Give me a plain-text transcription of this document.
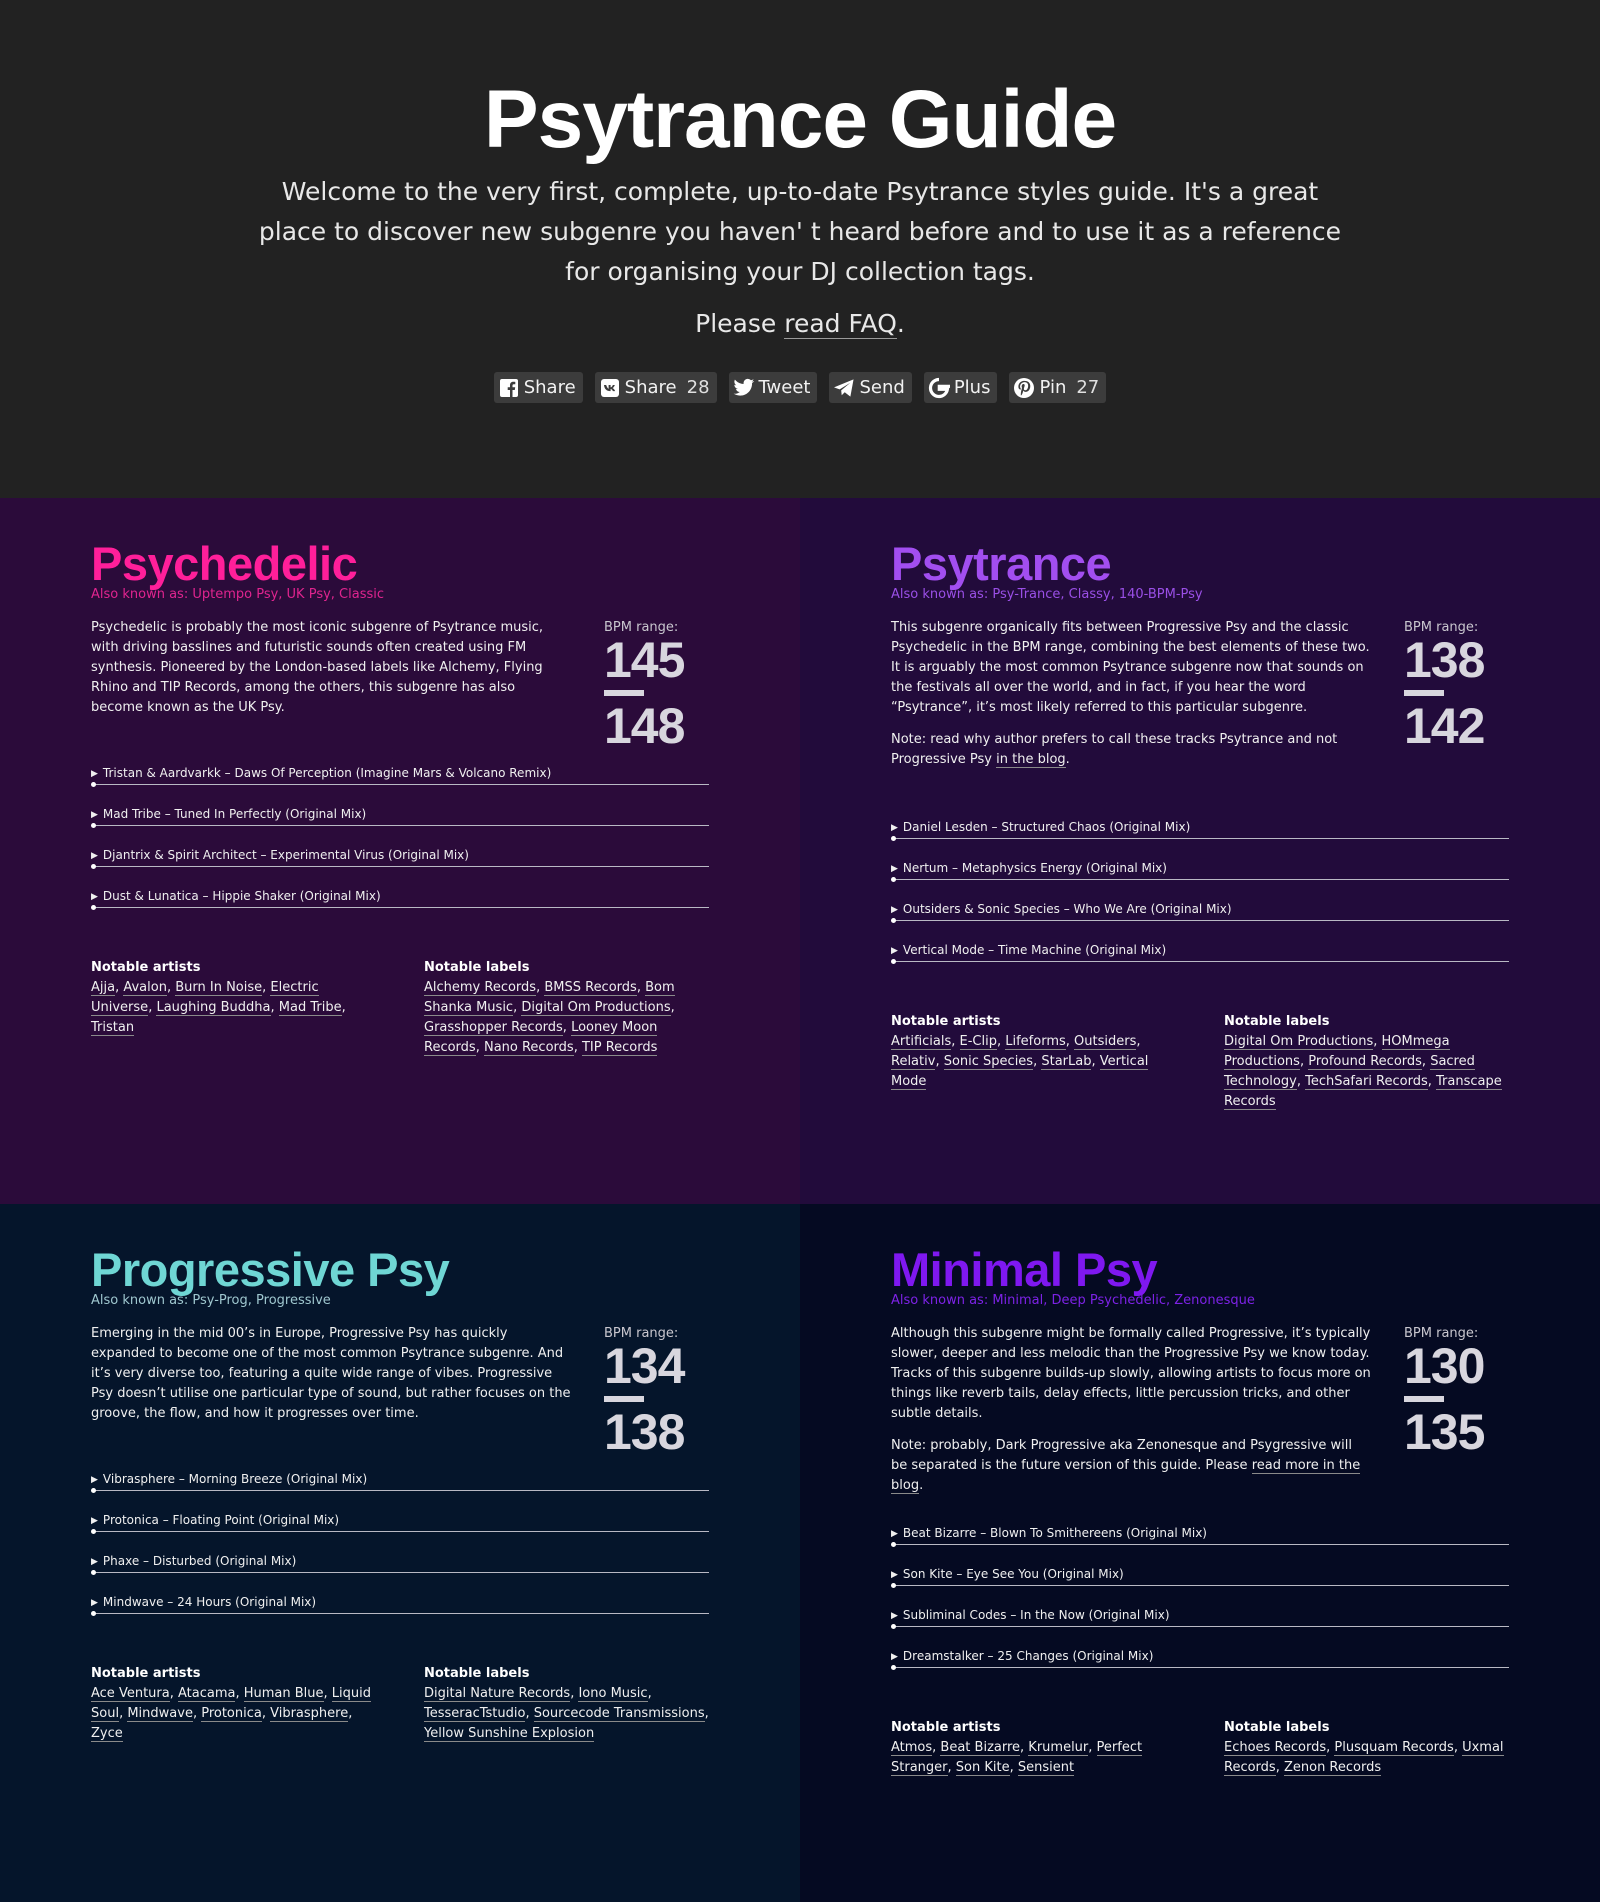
Psytrance Guide

Welcome to the very first, complete, up-to-date Psytrance styles guide. It's a great place to discover new subgenre you haven' t heard before and to use it as a reference for organising your DJ collection tags.

Please read FAQ.

Share	Share 28	Tweet	Send	Plus	Pin 27
Psychedelic
Also known as: Uptempo Psy, UK Psy, Classic

Psychedelic is probably the most iconic subgenre of Psytrance music, with driving basslines and futuristic sounds often created using FM synthesis. Pioneered by the London-based labels like Alchemy, Flying Rhino and TIP Records, among the others, this subgenre has also become known as the UK Psy.

BPM range:
145
148
▶ Tristan & Aardvarkk – Daws Of Perception (Imagine Mars & Volcano Remix)
▶ Mad Tribe – Tuned In Perfectly (Original Mix)
▶ Djantrix & Spirit Architect – Experimental Virus (Original Mix)
▶ Dust & Lunatica – Hippie Shaker (Original Mix)
Notable artists
Ajja, Avalon, Burn In Noise, Electric Universe, Laughing Buddha, Mad Tribe, Tristan
Notable labels
Alchemy Records, BMSS Records, Bom Shanka Music, Digital Om Productions, Grasshopper Records, Looney Moon Records, Nano Records, TIP Records
Psytrance
Also known as: Psy-Trance, Classy, 140-BPM-Psy

This subgenre organically fits between Progressive Psy and the classic Psychedelic in the BPM range, combining the best elements of these two. It is arguably the most common Psytrance subgenre now that sounds on the festivals all over the world, and in fact, if you hear the word “Psytrance”, it’s most likely referred to this particular subgenre.

Note: read why author prefers to call these tracks Psytrance and not Progressive Psy in the blog.

BPM range:
138
142
▶ Daniel Lesden – Structured Chaos (Original Mix)
▶ Nertum – Metaphysics Energy (Original Mix)
▶ Outsiders & Sonic Species – Who We Are (Original Mix)
▶ Vertical Mode – Time Machine (Original Mix)
Notable artists
Artificials, E-Clip, Lifeforms, Outsiders, Relativ, Sonic Species, StarLab, Vertical Mode
Notable labels
Digital Om Productions, HOMmega Productions, Profound Records, Sacred Technology, TechSafari Records, Transcape Records
Progressive Psy
Also known as: Psy-Prog, Progressive

Emerging in the mid 00’s in Europe, Progressive Psy has quickly expanded to become one of the most common Psytrance subgenre. And it’s very diverse too, featuring a quite wide range of vibes. Progressive Psy doesn’t utilise one particular type of sound, but rather focuses on the groove, the flow, and how it progresses over time.

BPM range:
134
138
▶ Vibrasphere – Morning Breeze (Original Mix)
▶ Protonica – Floating Point (Original Mix)
▶ Phaxe – Disturbed (Original Mix)
▶ Mindwave – 24 Hours (Original Mix)
Notable artists
Ace Ventura, Atacama, Human Blue, Liquid Soul, Mindwave, Protonica, Vibrasphere, Zyce
Notable labels
Digital Nature Records, Iono Music, TesseracTstudio, Sourcecode Transmissions, Yellow Sunshine Explosion
Minimal Psy
Also known as: Minimal, Deep Psychedelic, Zenonesque

Although this subgenre might be formally called Progressive, it’s typically slower, deeper and less melodic than the Progressive Psy we know today. Tracks of this subgenre builds-up slowly, allowing artists to focus more on things like reverb tails, delay effects, little percussion tricks, and other subtle details.

Note: probably, Dark Progressive aka Zenonesque and Psygressive will be separated is the future version of this guide. Please read more in the blog.

BPM range:
130
135
▶ Beat Bizarre – Blown To Smithereens (Original Mix)
▶ Son Kite – Eye See You (Original Mix)
▶ Subliminal Codes – In the Now (Original Mix)
▶ Dreamstalker – 25 Changes (Original Mix)
Notable artists
Atmos, Beat Bizarre, Krumelur, Perfect Stranger, Son Kite, Sensient
Notable labels
Echoes Records, Plusquam Records, Uxmal Records, Zenon Records
